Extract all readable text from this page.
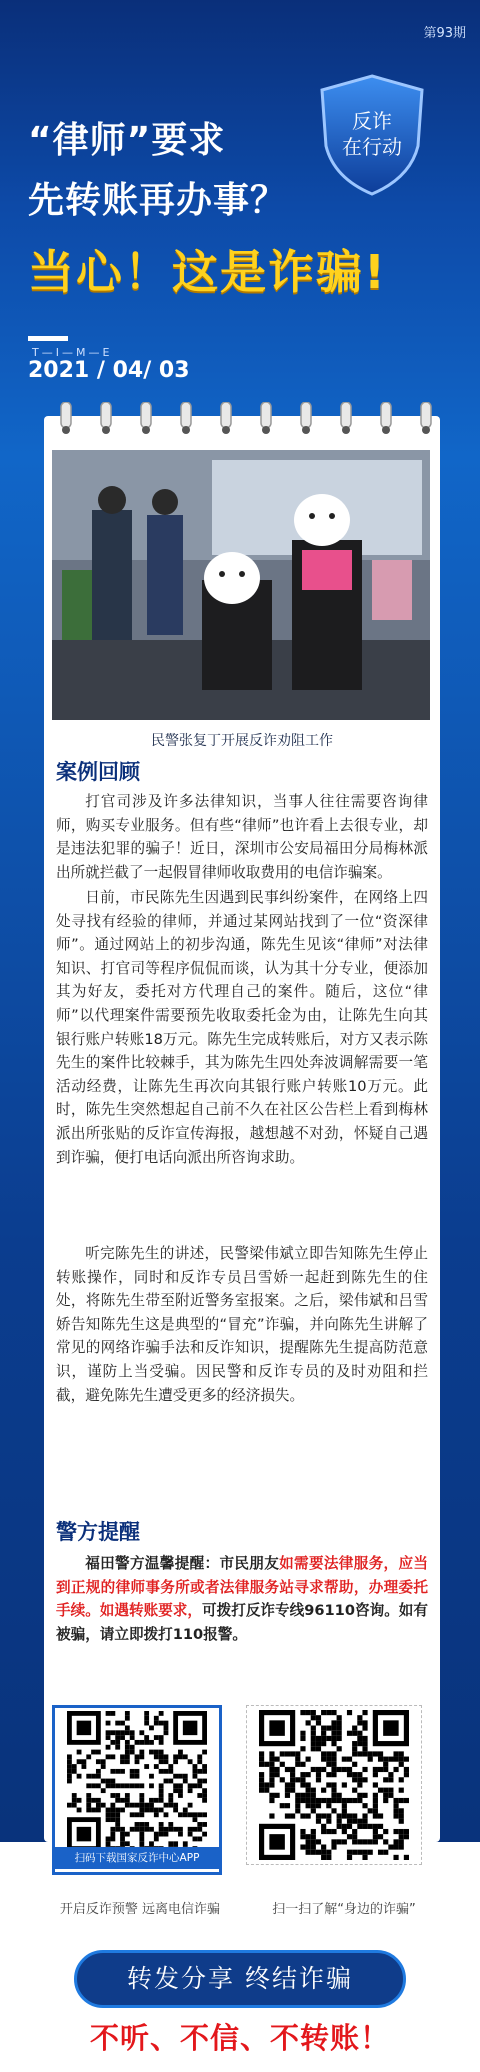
第93期
反诈
在行动
“律师”要求
先转账再办事？
当心！这是诈骗!
T—I—M—E
2021 / 04/ 03
民警张复丁开展反诈劝阻工作
案例回顾
打官司涉及许多法律知识，当事人往往需要咨询律师，购买专业服务。但有些“律师”也许看上去很专业，却是违法犯罪的骗子！近日，深圳市公安局福田分局梅林派出所就拦截了一起假冒律师收取费用的电信诈骗案。
日前，市民陈先生因遇到民事纠纷案件，在网络上四处寻找有经验的律师，并通过某网站找到了一位“资深律师”。通过网站上的初步沟通，陈先生见该“律师”对法律知识、打官司等程序侃侃而谈，认为其十分专业，便添加其为好友，委托对方代理自己的案件。随后，这位“律师”以代理案件需要预先收取委托金为由，让陈先生向其银行账户转账18万元。陈先生完成转账后，对方又表示陈先生的案件比较棘手，其为陈先生四处奔波调解需要一笔活动经费，让陈先生再次向其银行账户转账10万元。此时，陈先生突然想起自己前不久在社区公告栏上看到梅林派出所张贴的反诈宣传海报，越想越不对劲，怀疑自己遇到诈骗，便打电话向派出所咨询求助。
听完陈先生的讲述，民警梁伟斌立即告知陈先生停止转账操作，同时和反诈专员吕雪娇一起赶到陈先生的住处，将陈先生带至附近警务室报案。之后，梁伟斌和吕雪娇告知陈先生这是典型的“冒充”诈骗，并向陈先生讲解了常见的网络诈骗手法和反诈知识，提醒陈先生提高防范意识，谨防上当受骗。因民警和反诈专员的及时劝阻和拦截，避免陈先生遭受更多的经济损失。
警方提醒
福田警方温馨提醒：市民朋友如需要法律服务，应当到正规的律师事务所或者法律服务站寻求帮助，办理委托手续。如遇转账要求，可拨打反诈专线96110咨询。如有被骗，请立即拨打110报警。
扫码下载国家反诈中心APP
开启反诈预警 远离电信诈骗	扫一扫了解“身边的诈骗”
转发分享 终结诈骗
不听、不信、不转账！
